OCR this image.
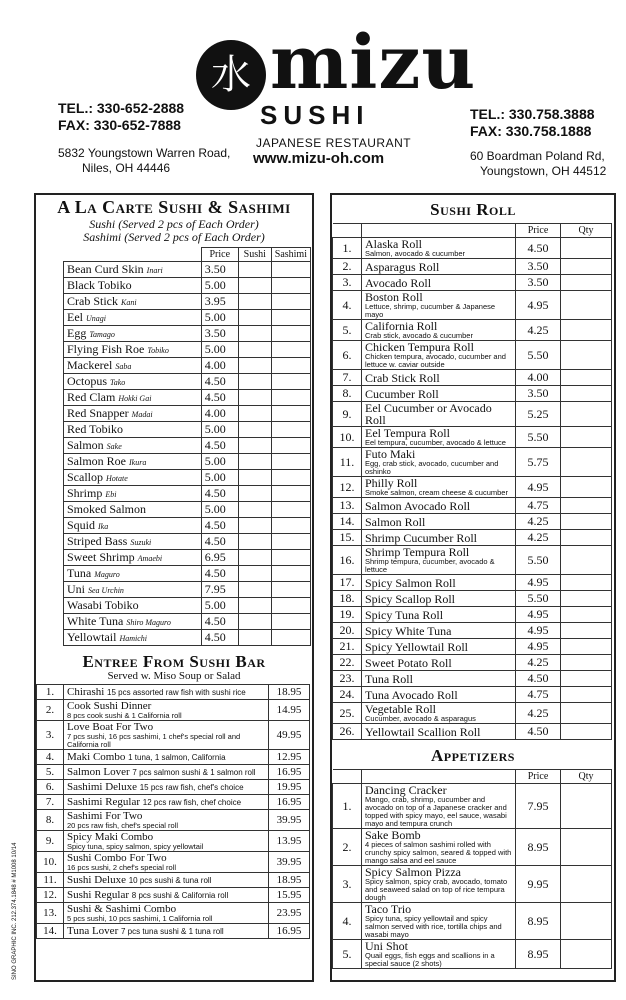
水 mizu
SUSHI
JAPANESE RESTAURANT
www.mizu-oh.com
TEL.: 330-652-2888
FAX: 330-652-7888
5832 Youngstown Warren Road,
Niles, OH 44446
TEL.: 330.758.3888
FAX: 330.758.1888
60 Boardman Poland Rd,
Youngstown, OH 44512
SINO GRAPHIC INC. 212.374.1848 # M1008 10/14
A La Carte Sushi & Sashimi
Sushi (Served 2 pcs of Each Order)
Sashimi (Served 2 pcs of Each Order)
	Price	Sushi	Sashimi
Bean Curd Skin Inari	3.50		
Black Tobiko	5.00		
Crab Stick Kani	3.95		
Eel Unagi	5.00		
Egg Tamago	3.50		
Flying Fish Roe Tobiko	5.00		
Mackerel Saba	4.00		
Octopus Tako	4.50		
Red Clam Hokki Gai	4.50		
Red Snapper Madai	4.00		
Red Tobiko	5.00		
Salmon Sake	4.50		
Salmon Roe Ikura	5.00		
Scallop Hotate	5.00		
Shrimp Ebi	4.50		
Smoked Salmon	5.00		
Squid Ika	4.50		
Striped Bass Suzuki	4.50		
Sweet Shrimp Amaebi	6.95		
Tuna Maguro	4.50		
Uni Sea Urchin	7.95		
Wasabi Tobiko	5.00		
White Tuna Shiro Maguro	4.50		
Yellowtail Hamichi	4.50		
Entree From Sushi Bar
Served w. Miso Soup or Salad
1.	Chirashi 15 pcs assorted raw fish with sushi rice	18.95
2.	Cook Sushi Dinner
8 pcs cook sushi & 1 California roll	14.95
3.	Love Boat For Two
7 pcs sushi, 16 pcs sashimi, 1 chef's special roll and California roll	49.95
4.	Maki Combo 1 tuna, 1 salmon, California	12.95
5.	Salmon Lover 7 pcs salmon sushi & 1 salmon roll	16.95
6.	Sashimi Deluxe 15 pcs raw fish, chef's choice	19.95
7.	Sashimi Regular 12 pcs raw fish, chef choice	16.95
8.	Sashimi For Two
20 pcs raw fish, chef's special roll	39.95
9.	Spicy Maki Combo
Spicy tuna, spicy salmon, spicy yellowtail	13.95
10.	Sushi Combo For Two
16 pcs sushi, 2 chef's special roll	39.95
11.	Sushi Deluxe 10 pcs sushi & tuna roll	18.95
12.	Sushi Regular 8 pcs sushi & California roll	15.95
13.	Sushi & Sashimi Combo
5 pcs sushi, 10 pcs sashimi, 1 California roll	23.95
14.	Tuna Lover 7 pcs tuna sushi & 1 tuna roll	16.95
Sushi Roll
		Price	Qty
1.	Alaska Roll
Salmon, avocado & cucumber	4.50	
2.	Asparagus Roll	3.50	
3.	Avocado Roll	3.50	
4.	Boston Roll
Lettuce, shrimp, cucumber & Japanese mayo	4.95	
5.	California Roll
Crab stick, avocado & cucumber	4.25	
6.	Chicken Tempura Roll
Chicken tempura, avocado, cucumber and lettuce w. caviar outside	5.50	
7.	Crab Stick Roll	4.00	
8.	Cucumber Roll	3.50	
9.	Eel Cucumber or Avocado Roll	5.25	
10.	Eel Tempura Roll
Eel tempura, cucumber, avocado & lettuce	5.50	
11.	Futo Maki
Egg, crab stick, avocado, cucumber and oshinko	5.75	
12.	Philly Roll
Smoke salmon, cream cheese & cucumber	4.95	
13.	Salmon Avocado Roll	4.75	
14.	Salmon Roll	4.25	
15.	Shrimp Cucumber Roll	4.25	
16.	Shrimp Tempura Roll
Shrimp tempura, cucumber, avocado & lettuce	5.50	
17.	Spicy Salmon Roll	4.95	
18.	Spicy Scallop Roll	5.50	
19.	Spicy Tuna Roll	4.95	
20.	Spicy White Tuna	4.95	
21.	Spicy Yellowtail Roll	4.95	
22.	Sweet Potato Roll	4.25	
23.	Tuna Roll	4.50	
24.	Tuna Avocado Roll	4.75	
25.	Vegetable Roll
Cucumber, avocado & asparagus	4.25	
26.	Yellowtail Scallion Roll	4.50	
Appetizers
		Price	Qty
1.	Dancing Cracker
Mango, crab, shrimp, cucumber and avocado on top of a Japanese cracker and topped with spicy mayo, eel sauce, wasabi mayo and tempura crunch	7.95	
2.	Sake Bomb
4 pieces of salmon sashimi rolled with crunchy spicy salmon, seared & topped with mango salsa and eel sauce	8.95	
3.	Spicy Salmon Pizza
Spicy salmon, spicy crab, avocado, tomato and seaweed salad on top of rice tempura dough	9.95	
4.	Taco Trio
Spicy tuna, spicy yellowtail and spicy salmon served with rice, tortilla chips and wasabi mayo	8.95	
5.	Uni Shot
Quail eggs, fish eggs and scallions in a special sauce (2 shots)	8.95	
